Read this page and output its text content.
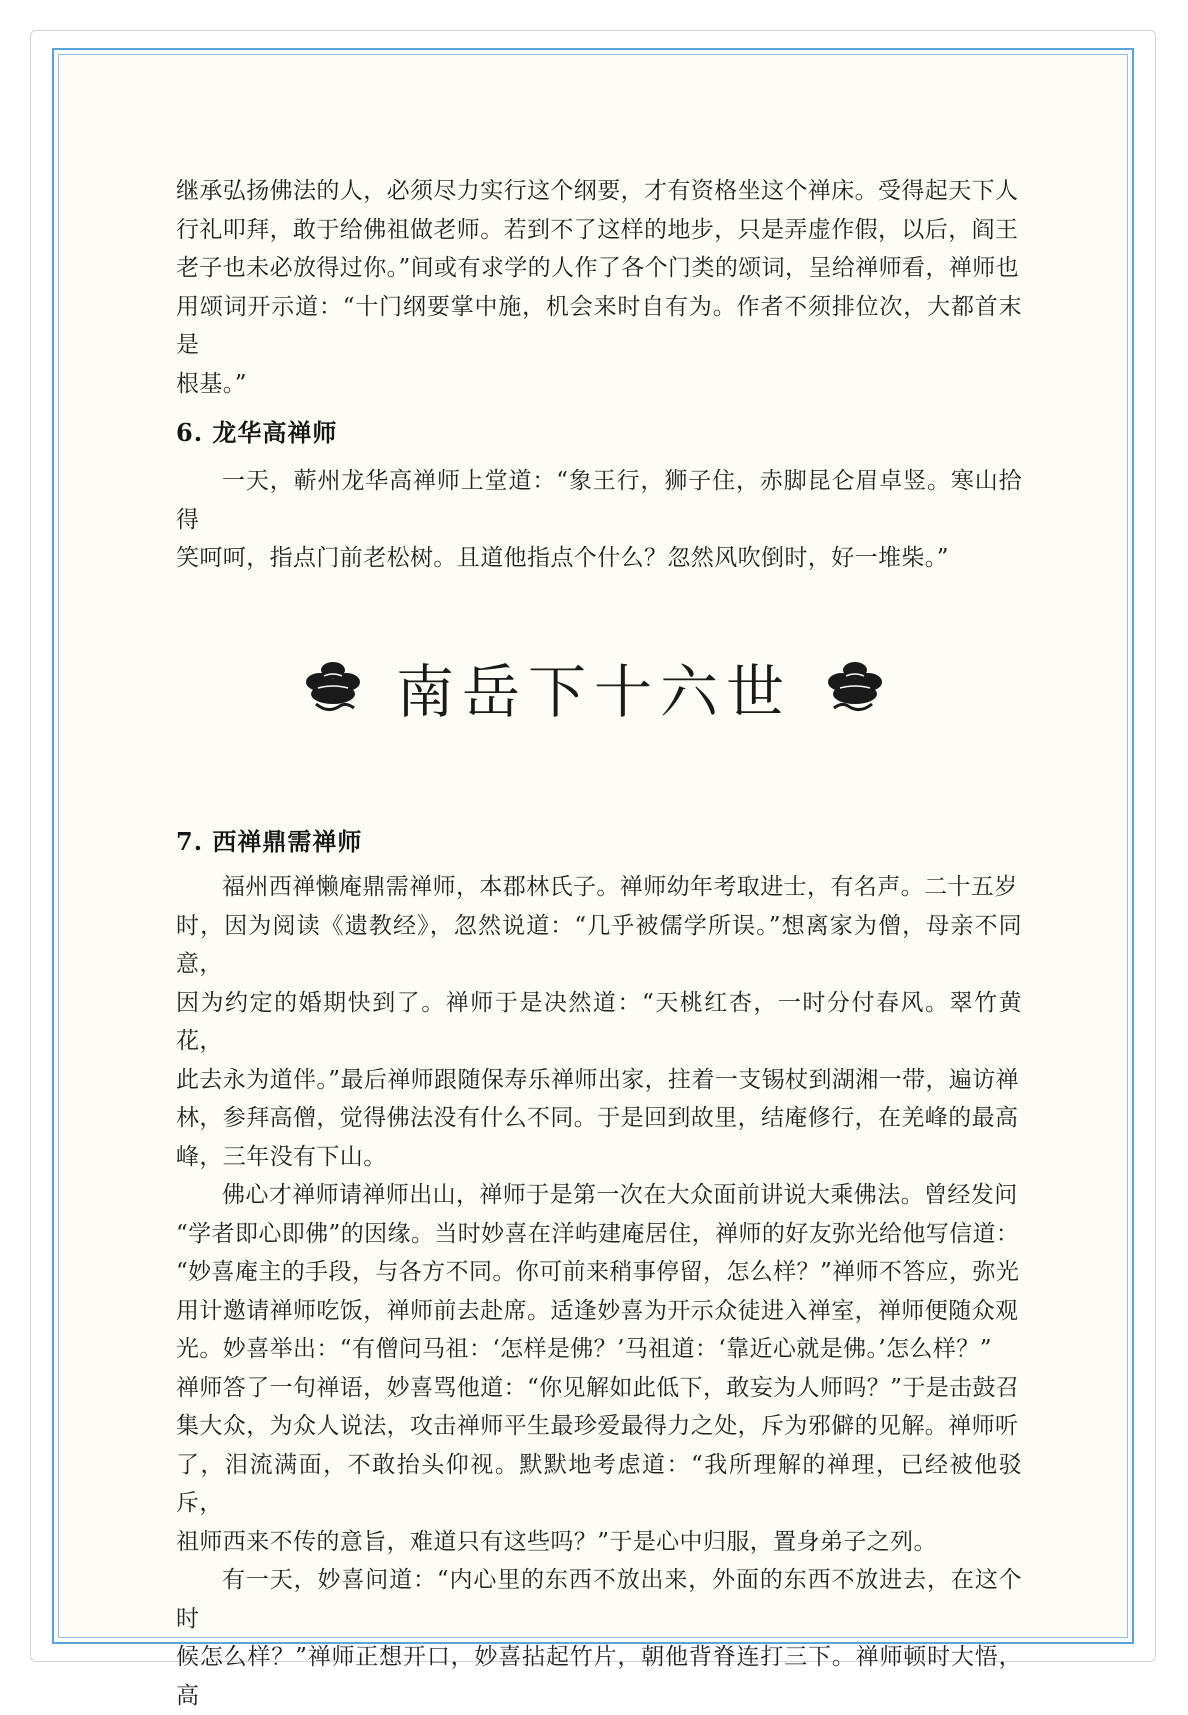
继承弘扬佛法的人，必须尽力实行这个纲要，才有资格坐这个禅床。受得起天下人
行礼叩拜，敢于给佛祖做老师。若到不了这样的地步，只是弄虚作假，以后，阎王
老子也未必放得过你。”间或有求学的人作了各个门类的颂词，呈给禅师看，禅师也
用颂词开示道：“十门纲要掌中施，机会来时自有为。作者不须排位次，大都首末是
根基。”

6. 龙华高禅师

一天，蕲州龙华高禅师上堂道：“象王行，狮子住，赤脚昆仑眉卓竖。寒山拾得
笑呵呵，指点门前老松树。且道他指点个什么？忽然风吹倒时，好一堆柴。”

南岳下十六世
7. 西禅鼎需禅师

福州西禅懒庵鼎需禅师，本郡林氏子。禅师幼年考取进士，有名声。二十五岁
时，因为阅读《遗教经》，忽然说道：“几乎被儒学所误。”想离家为僧，母亲不同意，
因为约定的婚期快到了。禅师于是决然道：“天桃红杏，一时分付春风。翠竹黄花，
此去永为道伴。”最后禅师跟随保寿乐禅师出家，拄着一支锡杖到湖湘一带，遍访禅
林，参拜高僧，觉得佛法没有什么不同。于是回到故里，结庵修行，在羌峰的最高
峰，三年没有下山。
佛心才禅师请禅师出山，禅师于是第一次在大众面前讲说大乘佛法。曾经发问
“学者即心即佛”的因缘。当时妙喜在洋屿建庵居住，禅师的好友弥光给他写信道：
“妙喜庵主的手段，与各方不同。你可前来稍事停留，怎么样？”禅师不答应，弥光
用计邀请禅师吃饭，禅师前去赴席。适逢妙喜为开示众徒进入禅室，禅师便随众观
光。妙喜举出：“有僧问马祖：‘怎样是佛？’马祖道：‘靠近心就是佛。’怎么样？”
禅师答了一句禅语，妙喜骂他道：“你见解如此低下，敢妄为人师吗？”于是击鼓召
集大众，为众人说法，攻击禅师平生最珍爱最得力之处，斥为邪僻的见解。禅师听
了，泪流满面，不敢抬头仰视。默默地考虑道：“我所理解的禅理，已经被他驳斥，
祖师西来不传的意旨，难道只有这些吗？”于是心中归服，置身弟子之列。
有一天，妙喜问道：“内心里的东西不放出来，外面的东西不放进去，在这个时
候怎么样？”禅师正想开口，妙喜拈起竹片，朝他背脊连打三下。禅师顿时大悟，高
